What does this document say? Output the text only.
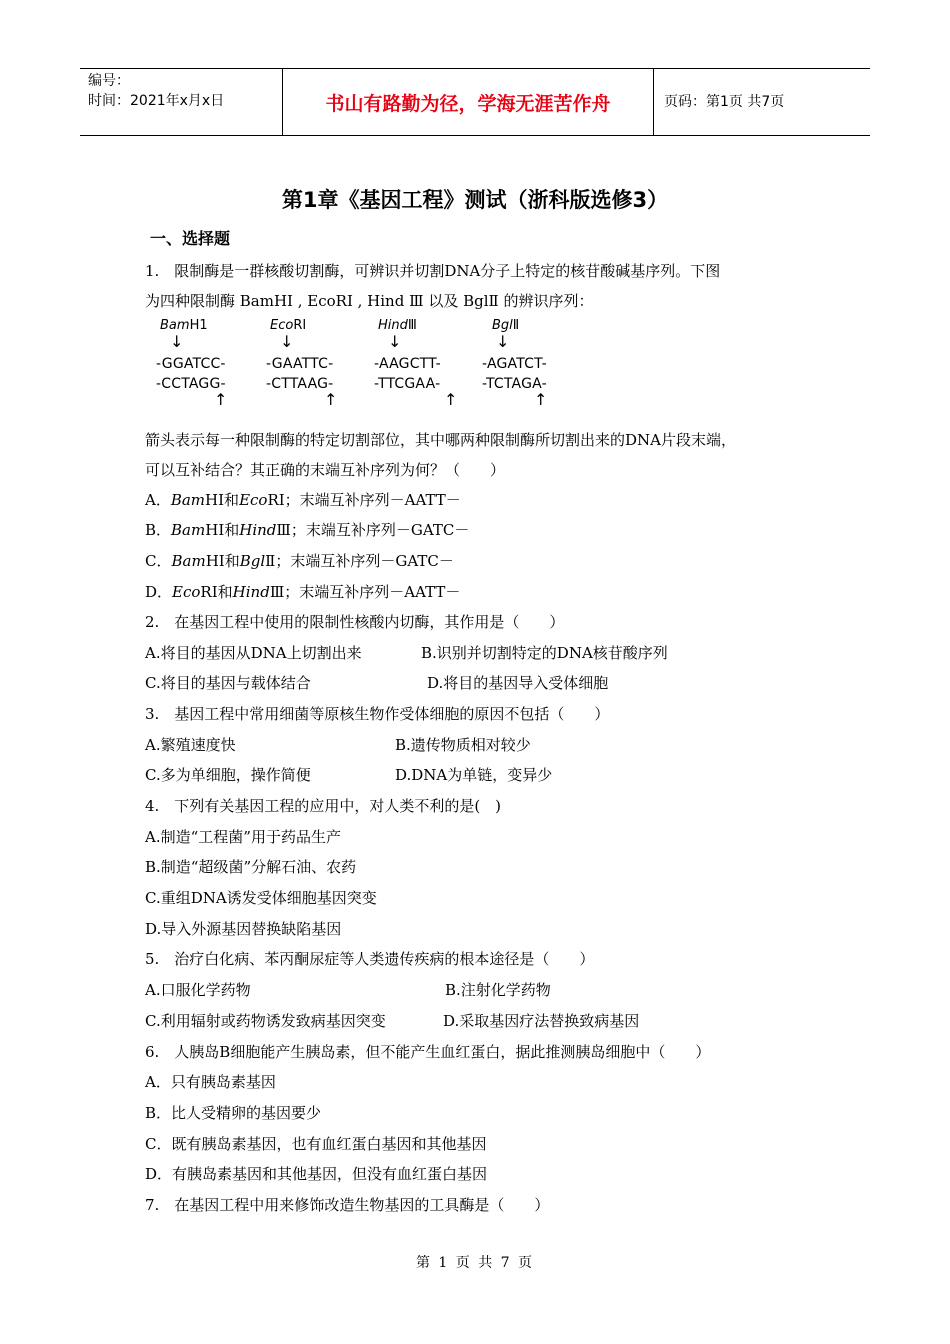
编号：
时间：2021年x月x日	书山有路勤为径，学海无涯苦作舟	页码：第1页 共7页
第1章《基因工程》测试（浙科版选修3）
一、选择题
1.　限制酶是一群核酸切割酶，可辨识并切割DNA分子上特定的核苷酸碱基序列。下图
为四种限制酶 BamHI , EcoRI , Hind Ⅲ 以及 BglⅡ 的辨识序列：
BamH1
↓
-GGATCC-
-CCTAGG-
↑
EcoRI
↓
-GAATTC-
-CTTAAG-
↑
HindⅢ
↓
-AAGCTT-
-TTCGAA-
↑
BglⅡ
↓
-AGATCT-
-TCTAGA-
↑
箭头表示每一种限制酶的特定切割部位，其中哪两种限制酶所切割出来的DNA片段末端，
可以互补结合？其正确的末端互补序列为何？（　　）
A．BamHI和EcoRI；末端互补序列－AATT－
B．BamHI和HindⅢ；末端互补序列－GATC－
C．BamHI和BglⅡ；末端互补序列－GATC－
D．EcoRI和HindⅢ；末端互补序列－AATT－
2.　在基因工程中使用的限制性核酸内切酶，其作用是（　　）
A.将目的基因从DNA上切割出来	B.识别并切割特定的DNA核苷酸序列
C.将目的基因与载体结合	D.将目的基因导入受体细胞
3.　基因工程中常用细菌等原核生物作受体细胞的原因不包括（　　）
A.繁殖速度快	B.遗传物质相对较少
C.多为单细胞，操作简便	D.DNA为单链，变异少
4.　下列有关基因工程的应用中，对人类不利的是(　)
A.制造“工程菌”用于药品生产
B.制造“超级菌”分解石油、农药
C.重组DNA诱发受体细胞基因突变
D.导入外源基因替换缺陷基因
5.　治疗白化病、苯丙酮尿症等人类遗传疾病的根本途径是（　　）
A.口服化学药物	B.注射化学药物
C.利用辐射或药物诱发致病基因突变	D.采取基因疗法替换致病基因
6.　人胰岛B细胞能产生胰岛素，但不能产生血红蛋白，据此推测胰岛细胞中（　　）
A．只有胰岛素基因
B．比人受精卵的基因要少
C．既有胰岛素基因，也有血红蛋白基因和其他基因
D．有胰岛素基因和其他基因，但没有血红蛋白基因
7.　在基因工程中用来修饰改造生物基因的工具酶是（　　）
第 1 页 共 7 页
